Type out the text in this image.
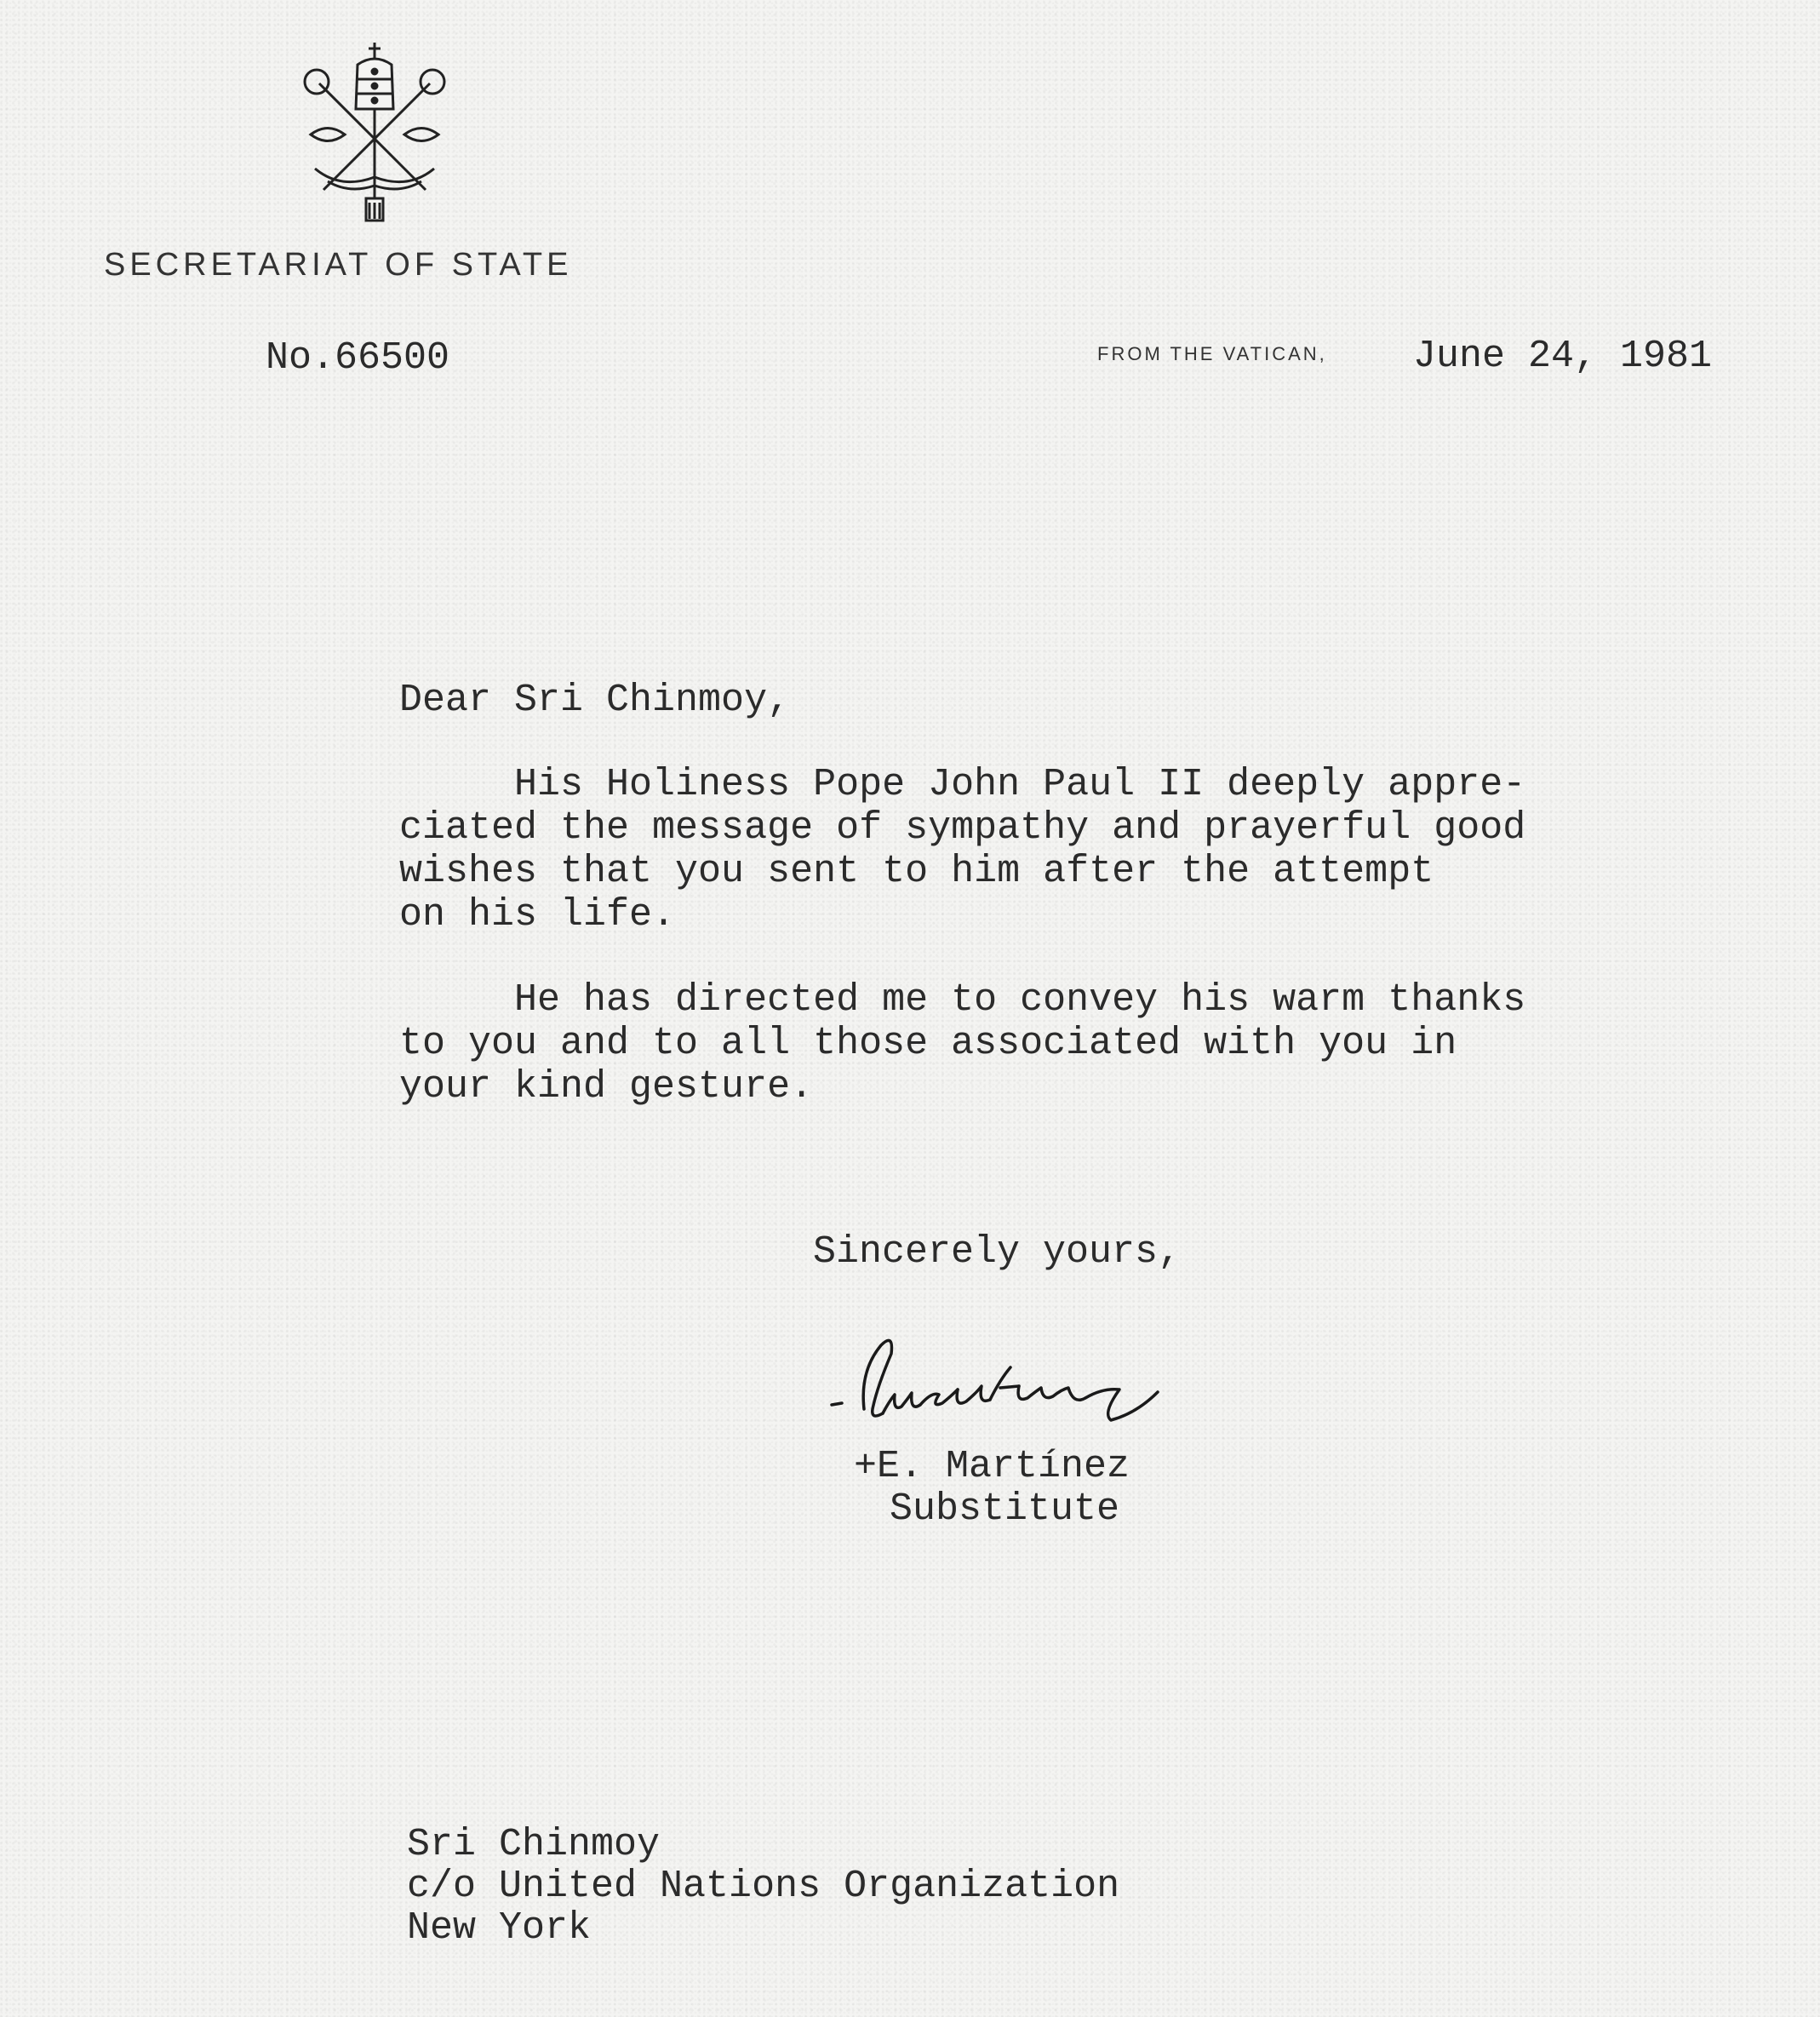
SECRETARIAT OF STATE
No.66500	FROM THE VATICAN, June 24, 1981
Dear Sri Chinmoy,
His Holiness Pope John Paul II deeply appre-
ciated the message of sympathy and prayerful good
wishes that you sent to him after the attempt
on his life.
He has directed me to convey his warm thanks
to you and to all those associated with you in
your kind gesture.
Sincerely yours,
+E. Martínez
Substitute
Sri Chinmoy
c/o United Nations Organization
New York
